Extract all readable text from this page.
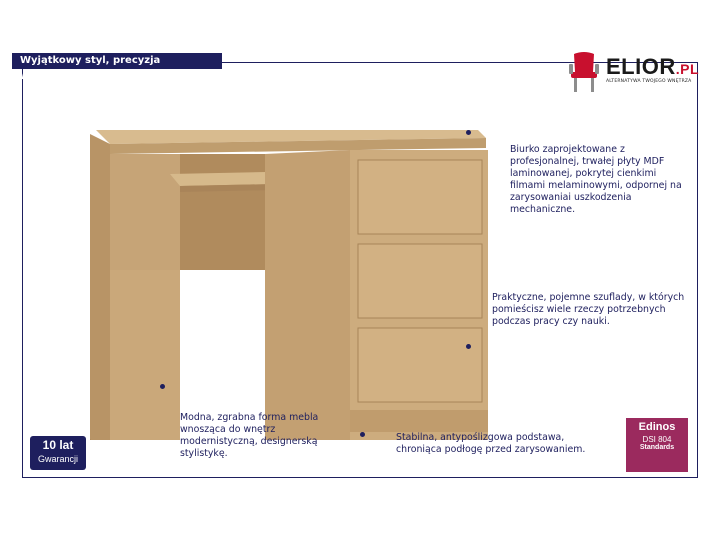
Wyjątkowy styl, precyzja wykonania!	ELIOR.PL
ALTERNATYWA TWOJEGO WNĘTRZA
Biurko zaprojektowane z profesjonalnej, trwałej płyty MDF laminowanej, pokrytej cienkimi filmami melaminowymi, odpornej na zarysowaniai uszkodzenia mechaniczne.
Praktyczne, pojemne szuflady, w których pomieścisz wiele rzeczy potrzebnych podczas pracy czy nauki.
Stabilna, antypoślizgowa podstawa, chroniąca podłogę przed zarysowaniem.
Modna, zgrabna forma mebla wnosząca do wnętrz modernistyczną, designerską stylistykę.
10 lat
Gwarancji
Edinos
DSI 804
Standards
